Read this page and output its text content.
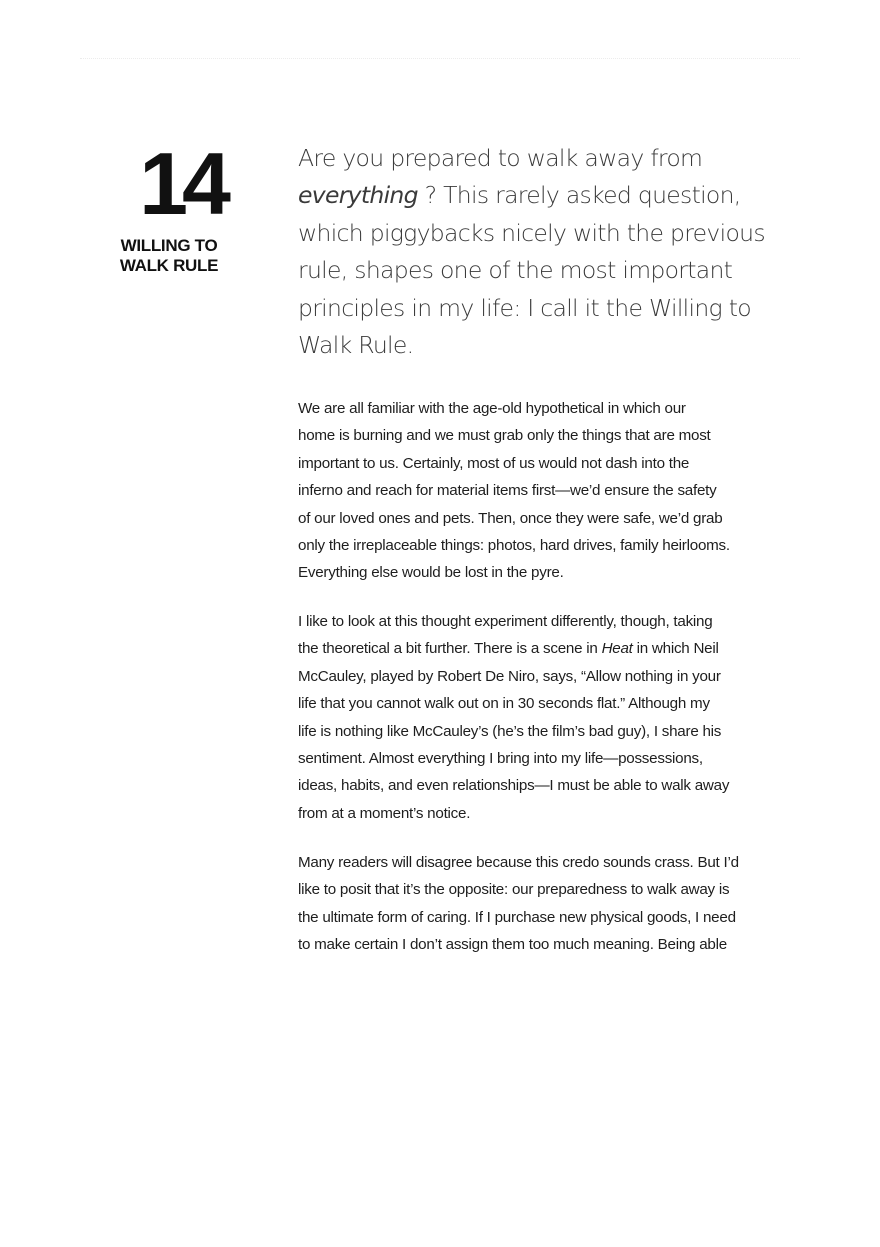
14
WILLING TO
WALK RULE

Are you prepared to walk away from
everything ? This rarely asked question,
which piggybacks nicely with the previous
rule, shapes one of the most important
principles in my life: I call it the Willing to
Walk Rule.

We are all familiar with the age-old hypothetical in which our
home is burning and we must grab only the things that are most
important to us. Certainly, most of us would not dash into the
inferno and reach for material items first—we’d ensure the safety
of our loved ones and pets. Then, once they were safe, we’d grab
only the irreplaceable things: photos, hard drives, family heirlooms.
Everything else would be lost in the pyre.

I like to look at this thought experiment differently, though, taking
the theoretical a bit further. There is a scene in Heat in which Neil
McCauley, played by Robert De Niro, says, “Allow nothing in your
life that you cannot walk out on in 30 seconds flat.” Although my
life is nothing like McCauley’s (he’s the film’s bad guy), I share his
sentiment. Almost everything I bring into my life—possessions,
ideas, habits, and even relationships—I must be able to walk away
from at a moment’s notice.

Many readers will disagree because this credo sounds crass. But I’d
like to posit that it’s the opposite: our preparedness to walk away is
the ultimate form of caring. If I purchase new physical goods, I need
to make certain I don’t assign them too much meaning. Being able
